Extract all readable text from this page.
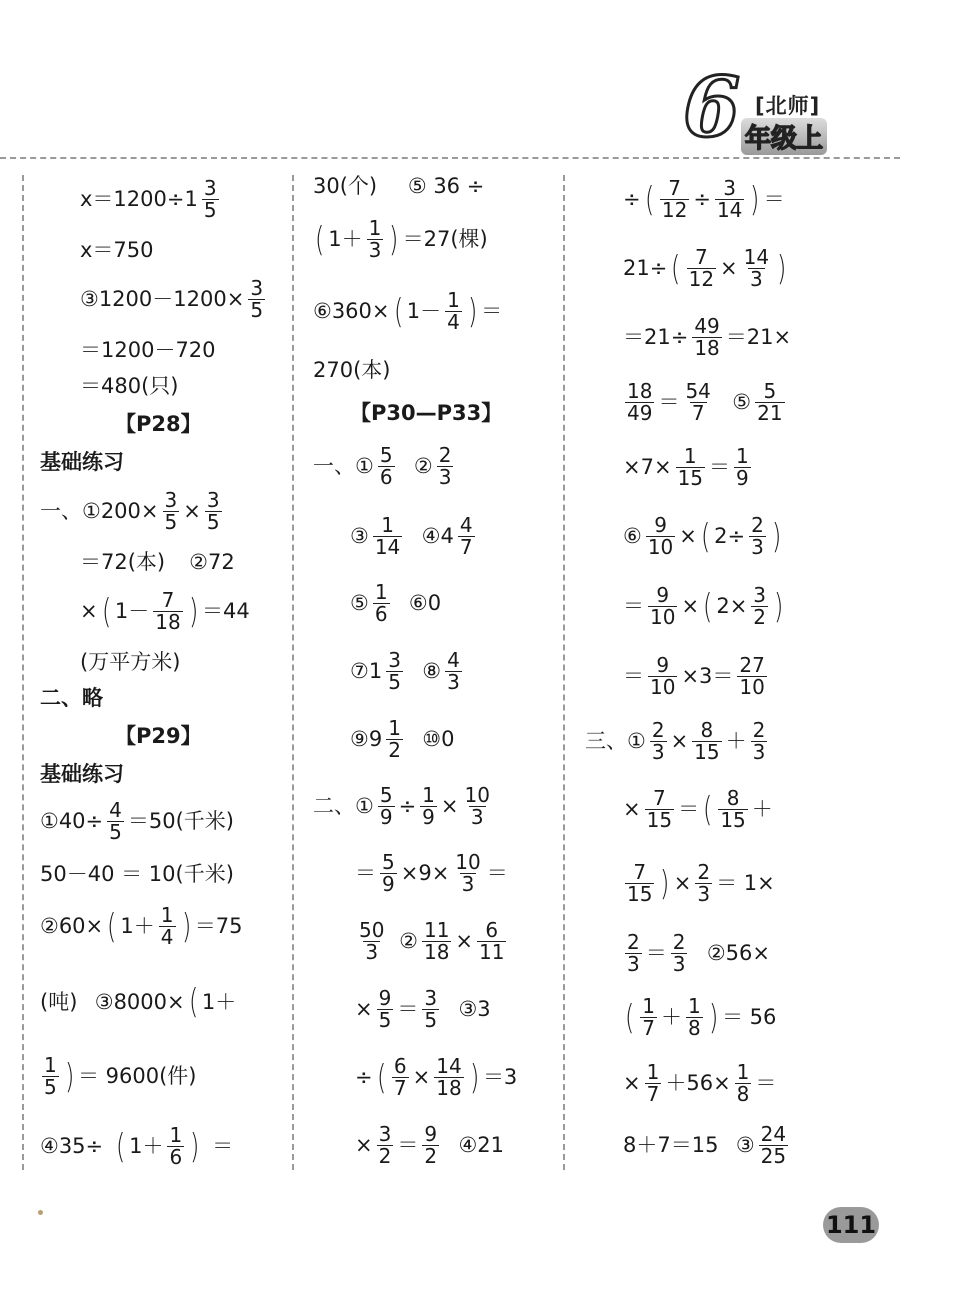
6 [北师]
年级上
$x=1200\div 1 \frac{3}{5}$
x＝750
③1200－1200× $\frac{3}{5}$
＝1200－720
＝480(只)
【P28】
基础练习
一、①200× $\frac{3}{5} \times \frac{3}{5}$
＝72(本)
②72
× ( $1- \frac{7}{18}$ ) ＝44
(万平方米)
二、略
【P29】
基础练习
①40÷ $\frac{4}{5} =50$(千米)
50－40 ＝ 10(千米)
②60× ( $1+ \frac{1}{4}$ ) ＝75
(吨)
③8000× ( 1＋
$\frac{1}{5}$ ) ＝ 9600(件)
④35÷
( $1+ \frac{1}{6}$ )
＝
30(个)
⑤ 36 ÷
( $1+ \frac{1}{3}$ ) ＝27(棵)
⑥360× ( $1- \frac{1}{4}$ ) ＝
270(本)
【P30—P33】
一、① $\frac{5}{6}$
② $\frac{2}{3}$
③ $\frac{1}{14}$
④4 $\frac{4}{7}$
⑤ $\frac{1}{6}$
⑥0
⑦1 $\frac{3}{5}$
⑧ $\frac{4}{3}$
⑨9 $\frac{1}{2}$
⑩0
二、① $\frac{5}{9} \div \frac{1}{9} \times \frac{10}{3}$
＝ $\frac{5}{9} \times 9\times \frac{10}{3}$ ＝
$\frac{50}{3}$
② $\frac{11}{18} \times \frac{6}{11}$
× $\frac{9}{5} = \frac{3}{5}$
③3
÷ ( $\frac{6}{7} \times \frac{14}{18}$ ) ＝3
× $\frac{3}{2} = \frac{9}{2}$
④21
÷ ( $\frac{7}{12} \div \frac{3}{14}$ ) ＝
21÷ ( $\frac{7}{12} \times \frac{14}{3}$ )
$=21\div \frac{49}{18} =21\times$
$\frac{18}{49} = \frac{54}{7}$
⑤ $\frac{5}{21}$
$\times 7\times \frac{1}{15} = \frac{1}{9}$
⑥ $\frac{9}{10}$ × ( $2\div \frac{2}{3}$ )
＝ $\frac{9}{10}$ × ( $2\times \frac{3}{2}$ )
＝ $\frac{9}{10} \times 3= \frac{27}{10}$
三、① $\frac{2}{3} \times \frac{8}{15} + \frac{2}{3}$
× $\frac{7}{15}$ ＝ ( $\frac{8}{15}$ ＋
$\frac{7}{15}$ ) × $\frac{2}{3} = 1\times$
$\frac{2}{3} = \frac{2}{3}$
②56×
( $\frac{1}{7} + \frac{1}{8}$ ) ＝ 56
× $\frac{1}{7} +56\times \frac{1}{8}$ ＝
8＋7＝15
③ $\frac{24}{25}$
111
